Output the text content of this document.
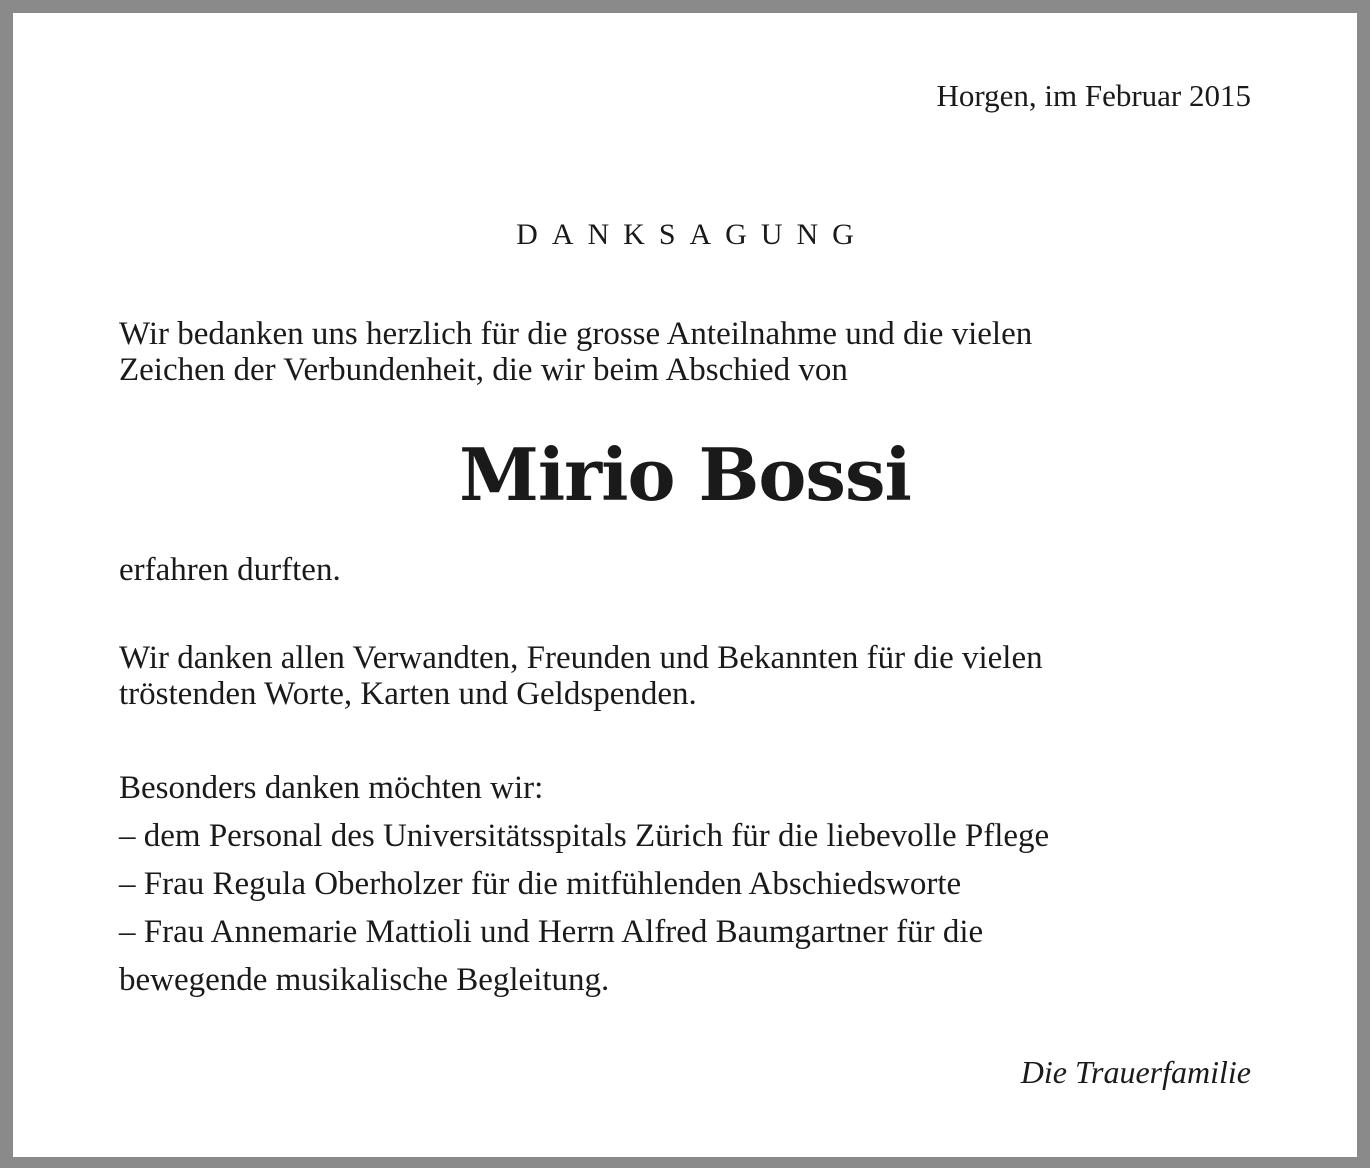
Horgen, im Februar 2015

DANKSAGUNG

Wir bedanken uns herzlich für die grosse Anteilnahme und die vielen
Zeichen der Verbundenheit, die wir beim Abschied von

Mirio Bossi

erfahren durften.

Wir danken allen Verwandten, Freunden und Bekannten für die vielen
tröstenden Worte, Karten und Geldspenden.
Besonders danken möchten wir:
– dem Personal des Universitätsspitals Zürich für die liebevolle Pflege
– Frau Regula Oberholzer für die mitfühlenden Abschiedsworte
– Frau Annemarie Mattioli und Herrn Alfred Baumgartner für die
bewegende musikalische Begleitung.

Die Trauerfamilie
